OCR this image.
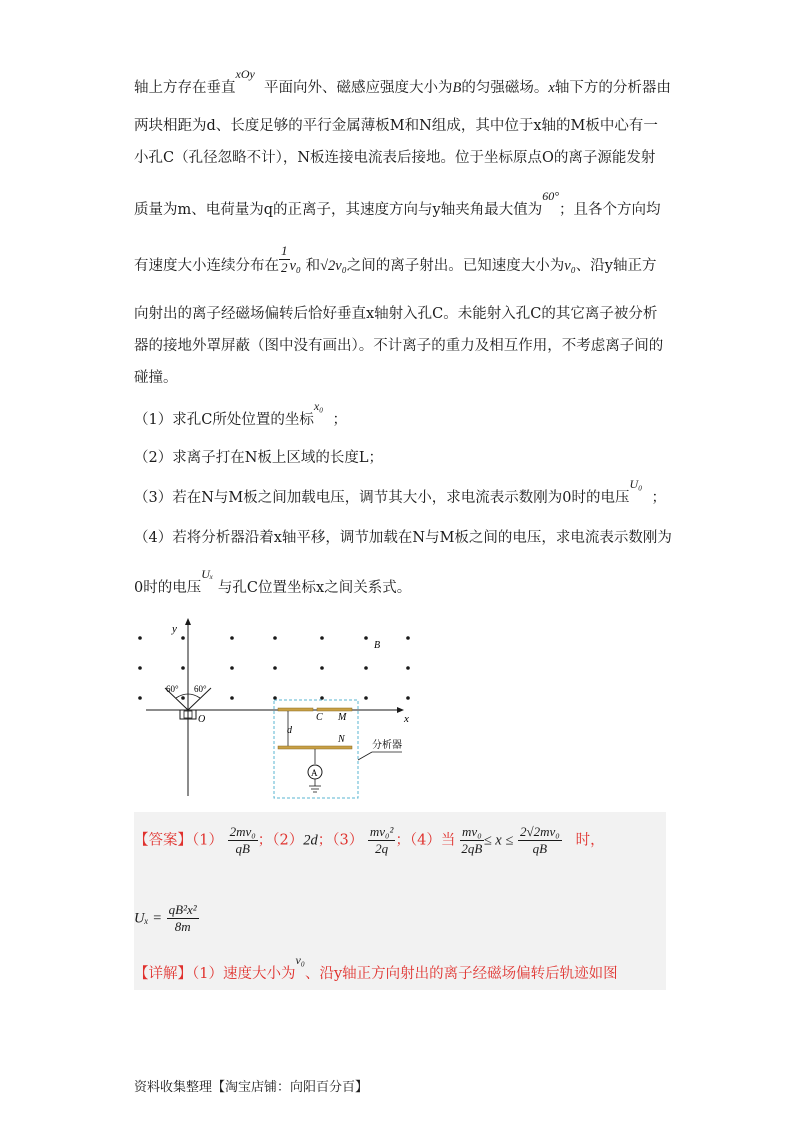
轴上方存在垂直$^{xOy}$  平面向外、磁感应强度大小为B的匀强磁场。x轴下方的分析器由
两块相距为d、长度足够的平行金属薄板M和N组成，其中位于x轴的M板中心有一
小孔C（孔径忽略不计），N板连接电流表后接地。位于坐标原点O的离子源能发射
质量为m、电荷量为q的正离子，其速度方向与y轴夹角最大值为$^{60^\circ}$；且各个方向均
有速度大小连续分布在 $\frac{1}{2} v_0$ 和√2v₀之间的离子射出。已知速度大小为v₀、沿y轴正方
向射出的离子经磁场偏转后恰好垂直x轴射入孔C。未能射入孔C的其它离子被分析
器的接地外罩屏蔽（图中没有画出）。不计离子的重力及相互作用，不考虑离子间的
碰撞。
（1）求孔C所处位置的坐标$^{x_0}$  ；
（2）求离子打在N板上区域的长度L；
（3）若在N与M板之间加载电压，调节其大小，求电流表示数刚为0时的电压$^{U_0}$  ；
（4）若将分析器沿着x轴平移，调节加载在N与M板之间的电压，求电流表示数刚为
0时的电压$^{U_x}$ 与孔C位置坐标x之间关系式。
B
y
x
60° 60°
O	C M
d
N
A
分析器
【答案】$(1) \frac{\text{2mv₀}}{qB}$ ；（2）2d；$(3) \frac{\text{mv₀²}}{2q}$ ；（4）当 $\frac{\text{mv₀}}{2qB} \le x \le \frac{\text{2√2mv₀}}{qB}$ 时，
$U_x = \frac{\text{qB²x²}}{8m}$
【详解】（1）速度大小为$^{v_0}$、沿y轴正方向射出的离子经磁场偏转后轨迹如图
资料收集整理【淘宝店铺：向阳百分百】
